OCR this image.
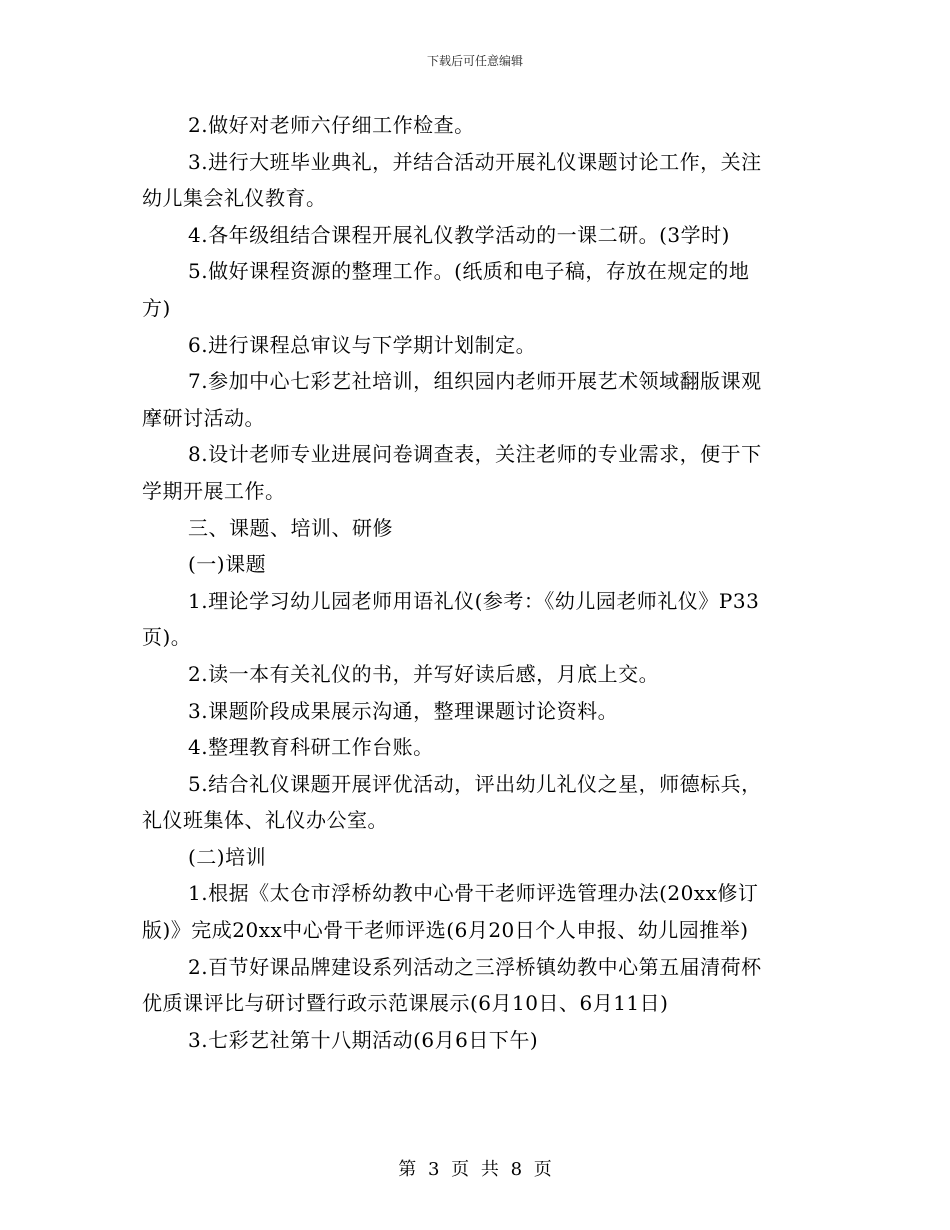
下载后可任意编辑
2.做好对老师六仔细工作检查。
3.进行大班毕业典礼，并结合活动开展礼仪课题讨论工作，关注
幼儿集会礼仪教育。
4.各年级组结合课程开展礼仪教学活动的一课二研。(3学时)
5.做好课程资源的整理工作。(纸质和电子稿，存放在规定的地
方)
6.进行课程总审议与下学期计划制定。
7.参加中心七彩艺社培训，组织园内老师开展艺术领域翻版课观
摩研讨活动。
8.设计老师专业进展问卷调查表，关注老师的专业需求，便于下
学期开展工作。
三、课题、培训、研修
(一)课题
1.理论学习幼儿园老师用语礼仪(参考：《幼儿园老师礼仪》P33
页)。
2.读一本有关礼仪的书，并写好读后感，月底上交。
3.课题阶段成果展示沟通，整理课题讨论资料。
4.整理教育科研工作台账。
5.结合礼仪课题开展评优活动，评出幼儿礼仪之星，师德标兵，
礼仪班集体、礼仪办公室。
(二)培训
1.根据《太仓市浮桥幼教中心骨干老师评选管理办法(20xx修订
版)》完成20xx中心骨干老师评选(6月20日个人申报、幼儿园推举)
2.百节好课品牌建设系列活动之三浮桥镇幼教中心第五届清荷杯
优质课评比与研讨暨行政示范课展示(6月10日、6月11日)
3.七彩艺社第十八期活动(6月6日下午)
第 3 页 共 8 页
